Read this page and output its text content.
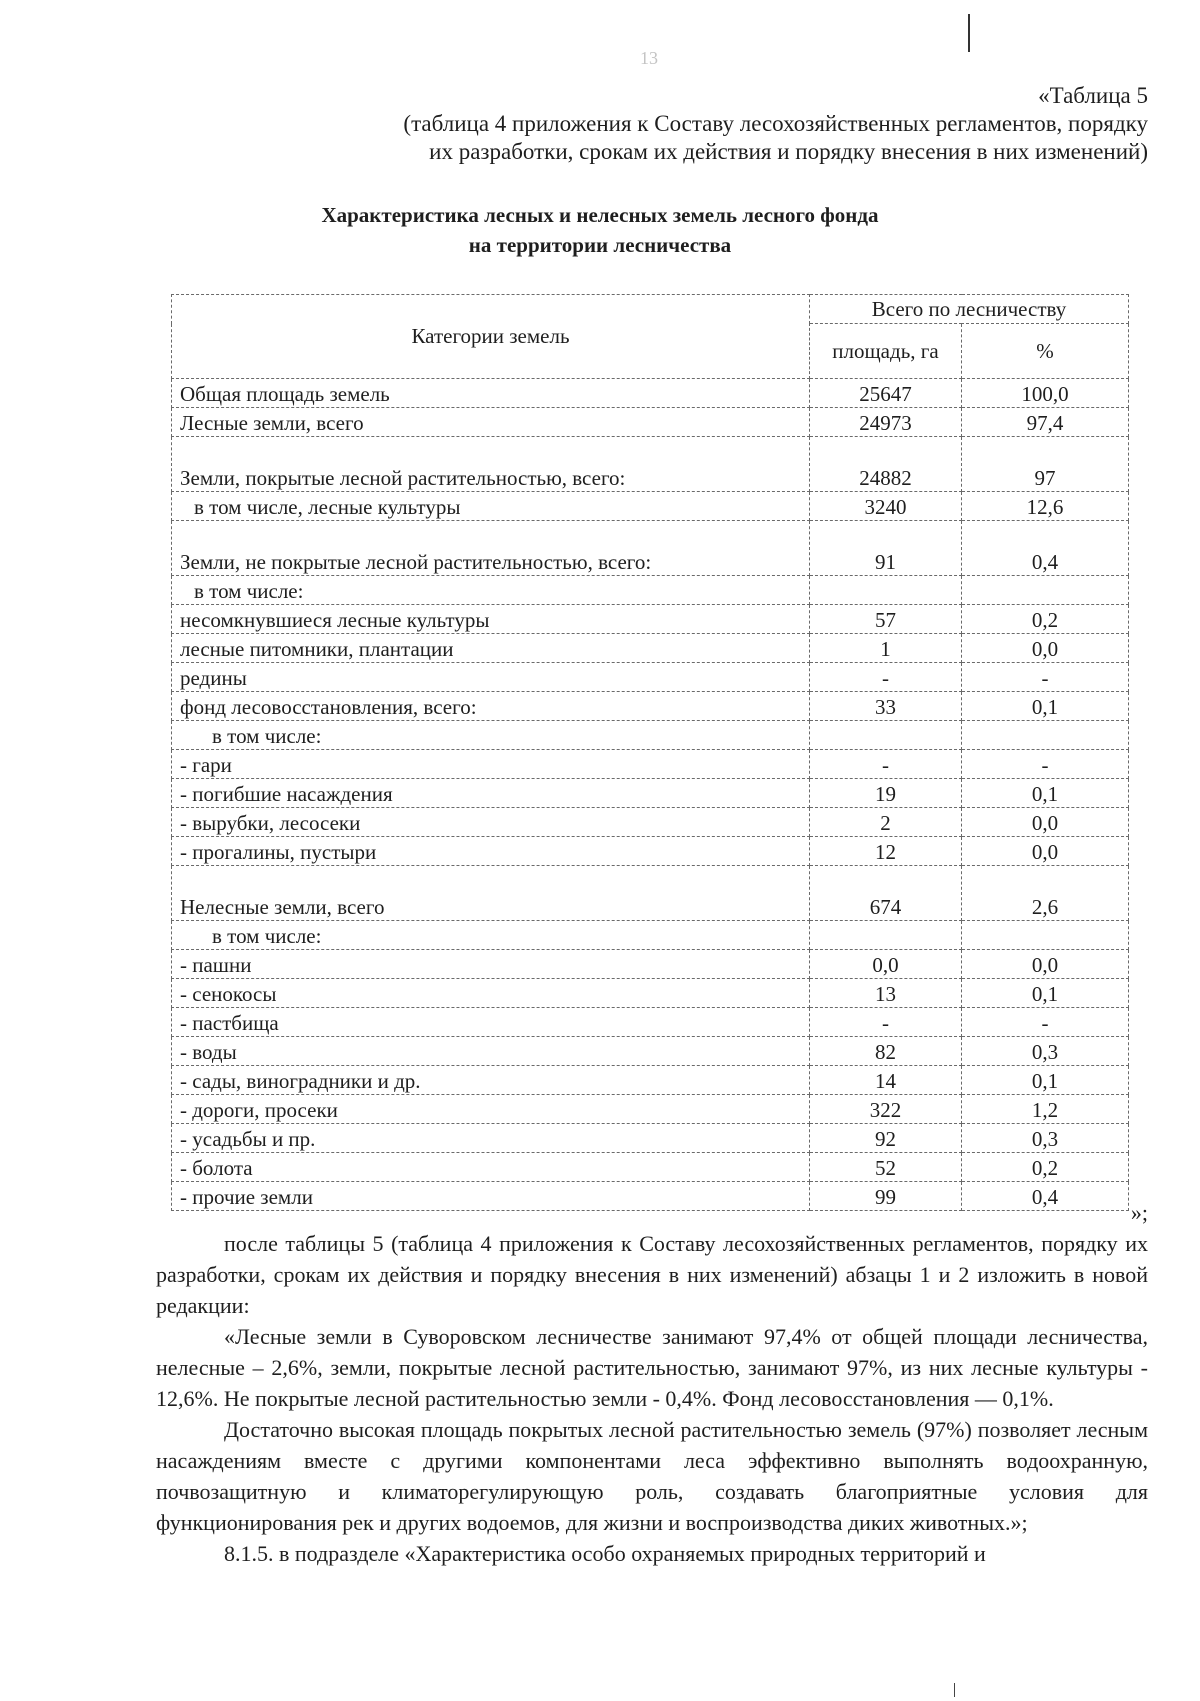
13
«Таблица 5
(таблица 4 приложения к Составу лесохозяйственных регламентов, порядку
их разработки, срокам их действия и порядку внесения в них изменений)
Характеристика лесных и нелесных земель лесного фонда
на территории лесничества
Категории земель	Всего по лесничеству	
	площадь, га	%
Общая площадь земель	25647	100,0
Лесные земли, всего	24973	97,4
Земли, покрытые лесной растительностью, всего:	24882	97
в том числе, лесные культуры	3240	12,6
Земли, не покрытые лесной растительностью, всего:	91	0,4
в том числе:		
несомкнувшиеся лесные культуры	57	0,2
лесные питомники, плантации	1	0,0
редины	-	-
фонд лесовосстановления, всего:	33	0,1
в том числе:		
- гари	-	-
- погибшие насаждения	19	0,1
- вырубки, лесосеки	2	0,0
- прогалины, пустыри	12	0,0
Нелесные земли, всего	674	2,6
в том числе:		
- пашни	0,0	0,0
- сенокосы	13	0,1
- пастбища	-	-
- воды	82	0,3
- сады, виноградники и др.	14	0,1
- дороги, просеки	322	1,2
- усадьбы и пр.	92	0,3
- болота	52	0,2
- прочие земли	99	0,4
»;

после таблицы 5 (таблица 4 приложения к Составу лесохозяйственных регламентов, порядку их разработки, срокам их действия и порядку внесения в них изменений) абзацы 1 и 2 изложить в новой редакции:

«Лесные земли в Суворовском лесничестве занимают 97,4% от общей площади лесничества, нелесные – 2,6%, земли, покрытые лесной растительностью, занимают 97%, из них лесные культуры - 12,6%. Не покрытые лесной растительностью земли - 0,4%. Фонд лесовосстановления — 0,1%.

Достаточно высокая площадь покрытых лесной растительностью земель (97%) позволяет лесным насаждениям вместе с другими компонентами леса эффективно выполнять водоохранную, почвозащитную и климаторегулирующую роль, создавать благоприятные условия для функционирования рек и других водоемов, для жизни и воспроизводства диких животных.»;

8.1.5. в подразделе «Характеристика особо охраняемых природных территорий и
